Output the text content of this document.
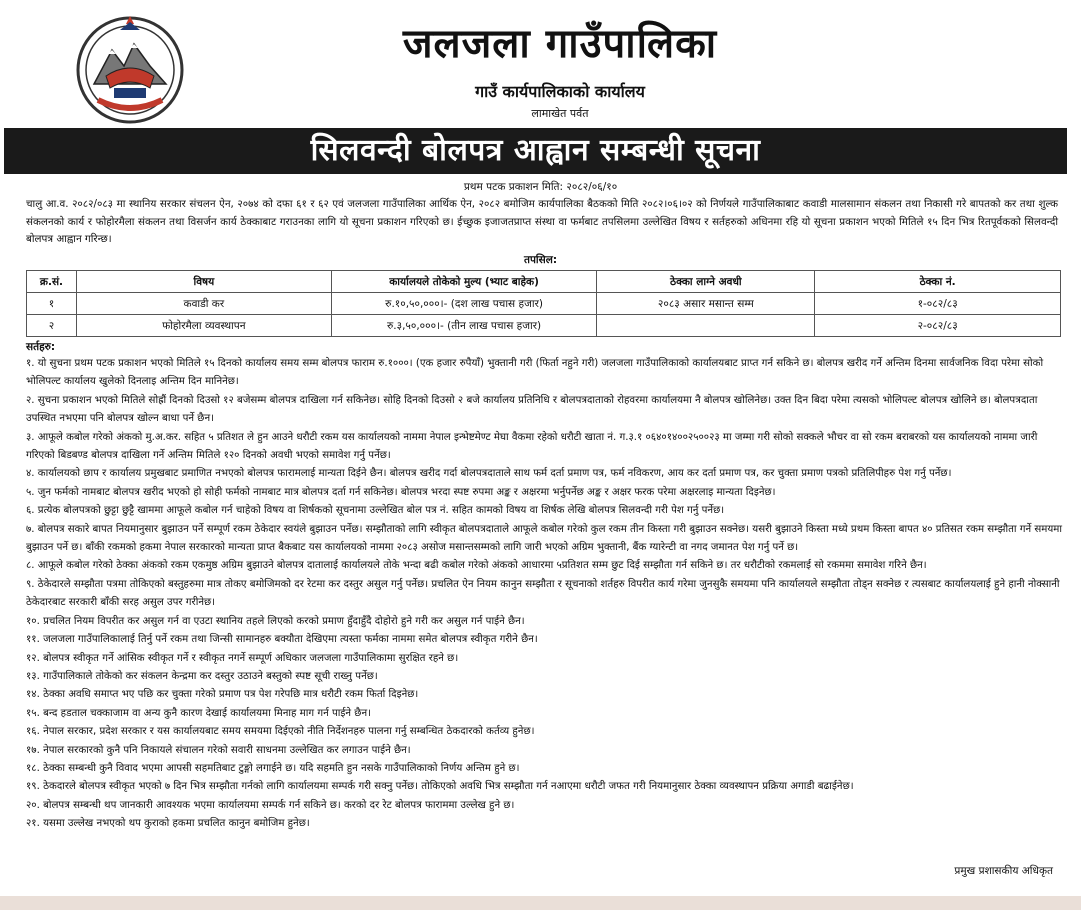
जलजला गाउँपालिका
गाउँ कार्यपालिकाको कार्यालय
लामाखेत पर्वत
सिलवन्दी बोलपत्र आह्वान सम्बन्धी सूचना
प्रथम पटक प्रकाशन मिति: २०८२/०६/१०
चालु आ.व. २०८२/०८३ मा स्थानिय सरकार संचलन ऐन, २०७४ को दफा ६१ र ६२ एवं जलजला गाउँपालिका आर्थिक ऐन, २०८२ बमोजिम कार्यपालिका बैठकको मिति २०८२।०६।०२ को निर्णयले गाउँपालिकाबाट कवाडी मालसामान संकलन तथा निकासी गरे बापतको कर तथा शुल्क संकलनको कार्य र फोहोरमैला संकलन तथा विसर्जन कार्य ठेक्काबाट गराउनका लागि यो सूचना प्रकाशन गरिएको छ। ईच्छुक इजाजतप्राप्त संस्था वा फर्मबाट तपसिलमा उल्लेखित विषय र सर्तहरुको अधिनमा रहि यो सूचना प्रकाशन भएको मितिले १५ दिन भित्र रितपूर्वकको सिलवन्दी बोलपत्र आह्वान गरिन्छ।
तपसिल:
क्र.सं.	विषय	कार्यालयले तोकेको मुल्य (भ्याट बाहेक)	ठेक्का लाग्ने अवधी	ठेक्का नं.
१	कवाडी कर	रु.१०,५०,०००।- (दश लाख पचास हजार)	२०८३ असार मसान्त सम्म	१-०८२/८३
२	फोहोरमैला व्यवस्थापन	रु.३,५०,०००।- (तीन लाख पचास हजार)		२-०८२/८३
सर्तहरु:
१. यो सुचना प्रथम पटक प्रकाशन भएको मितिले १५ दिनको कार्यालय समय सम्म बोलपत्र फाराम रु.१०००। (एक हजार रुपैयाँ) भुक्तानी गरी (फिर्ता नहुने गरी) जलजला गाउँपालिकाको कार्यालयबाट प्राप्त गर्न सकिने छ। बोलपत्र खरीद गर्ने अन्तिम दिनमा सार्वजनिक विदा परेमा सोको भोलिपल्ट कार्यालय खुलेको दिनलाइ अन्तिम दिन मानिनेछ।
२. सुचना प्रकाशन भएको मितिले सोह्रौं दिनको दिउसो १२ बजेसम्म बोलपत्र दाखिला गर्न सकिनेछ। सोहि दिनको दिउसो २ बजे कार्यालय प्रतिनिधि र बोलपत्रदाताको रोहवरमा कार्यालयमा नै बोलपत्र खोलिनेछ। उक्त दिन बिदा परेमा त्यसको भोलिपल्ट बोलपत्र खोलिने छ। बोलपत्रदाता उपस्थित नभएमा पनि बोलपत्र खोल्न बाधा पर्ने छैन।
३. आफूले कबोल गरेको अंकको मु.अ.कर. सहित ५ प्रतिशत ले हुन आउने धरौटी रकम यस कार्यालयको नाममा नेपाल इन्भेष्टमेण्ट मेघा वैकमा रहेको धरौटी खाता नं. ग.३.१ ०६४०१४००२५००२३ मा जम्मा गरी सोको सक्कले भौचर वा सो रकम बराबरको यस कार्यालयको नाममा जारी गरिएको बिडबण्ड बोलपत्र दाखिला गर्ने अन्तिम मितिले १२० दिनको अवधी भएको समावेश गर्नु पर्नेछ।
४. कार्यालयको छाप र कार्यालय प्रमुखबाट प्रमाणित नभएको बोलपत्र फारामलाई मान्यता दिईने छैन। बोलपत्र खरीद गर्दा बोलपत्रदाताले साथ फर्म दर्ता प्रमाण पत्र, फर्म नविकरण, आय कर दर्ता प्रमाण पत्र, कर चुक्ता प्रमाण पत्रको प्रतिलिपीहरु पेश गर्नु पर्नेछ।
५. जुन फर्मको नामबाट बोलपत्र खरीद भएको हो सोही फर्मको नामबाट मात्र बोलपत्र दर्ता गर्न सकिनेछ। बोलपत्र भरदा स्पष्ट रुपमा अङ्क र अक्षरमा भर्नुपर्नेछ अङ्क र अक्षर फरक परेमा अक्षरलाइ मान्यता दिइनेछ।
६. प्रत्येक बोलपत्रको छुट्टा छुट्टै खाममा आफूले कबोल गर्न चाहेको विषय वा शिर्षकको सूचनामा उल्लेखित बोल पत्र नं. सहित कामको विषय वा शिर्षक लेखि बोलपत्र सिलवन्दी गरी पेश गर्नु पर्नेछ।
७. बोलपत्र सकारे बापत नियमानुसार बुझाउन पर्ने सम्पूर्ण रकम ठेकेदार स्वयंले बुझाउन पर्नेछ। सम्झौताको लागि स्वीकृत बोलपत्रदाताले आफूले कबोल गरेको कुल रकम तीन किस्ता गरी बुझाउन सक्नेछ। यसरी बुझाउने किस्ता मध्ये प्रथम किस्ता बापत ४० प्रतिसत रकम सम्झौता गर्ने समयमा बुझाउन पर्ने छ। बाँकी रकमको हकमा नेपाल सरकारको मान्यता प्राप्त बैकबाट यस कार्यालयको नाममा २०८३ असोज मसान्तसम्मको लागि जारी भएको अग्रिम भुक्तानी, बैंक ग्यारेन्टी वा नगद जमानत पेश गर्नु पर्ने छ।
८. आफूले कबोल गरेको ठेक्का अंकको रकम एकमुष्ठ अग्रिम बुझाउने बोलपत्र दातालाई कार्यालयले तोके भन्दा बढी कबोल गरेको अंकको आधारमा ५प्रतिशत सम्म छुट दिई सम्झौता गर्न सकिने छ। तर धरौटीको रकमलाई सो रकममा समावेश गरिने छैन।
९. ठेकेदारले सम्झौता पत्रमा तोकिएको बस्तुहरुमा मात्र तोकए बमोजिमको दर रेटमा कर दस्तुर असुल गर्नु पर्नेछ। प्रचलित ऐन नियम कानुन सम्झौता र सूचनाको शर्तहरु विपरीत कार्य गरेमा जुनसुकै समयमा पनि कार्यालयले सम्झौता तोड्न सक्नेछ र त्यसबाट कार्यालयलाई हुने हानी नोक्सानी ठेकेदारबाट सरकारी बाँकी सरह असुल उपर गरीनेछ।
१०. प्रचलित नियम विपरीत कर असुल गर्न वा एउटा स्थानिय तहले लिएको करको प्रमाण हुँदाहुँदै दोहोरो हुने गरी कर असुल गर्न पाईने छैन।
११. जलजला गाउँपालिकालाई तिर्नु पर्ने रकम तथा जिन्सी सामानहरु बक्यौता देखिएमा त्यस्ता फर्मका नाममा समेत बोलपत्र स्वीकृत गरीने छैन।
१२. बोलपत्र स्वीकृत गर्ने आंसिक स्वीकृत गर्ने र स्वीकृत नगर्ने सम्पूर्ण अधिकार जलजला गाउँपालिकामा सुरक्षित रहने छ।
१३. गाउँपालिकाले तोकेको कर संकलन केन्द्रमा कर दस्तुर उठाउने बस्तुको स्पष्ट सूची राख्नु पर्नेछ।
१४. ठेक्का अवधि समाप्त भए पछि कर चुक्ता गरेको प्रमाण पत्र पेश गरेपछि मात्र धरौटी रकम फिर्ता दिइनेछ।
१५. बन्द हडताल चक्काजाम वा अन्य कुनै कारण देखाई कार्यालयमा मिनाह माग गर्न पाईने छैन।
१६. नेपाल सरकार, प्रदेश सरकार र यस कार्यालयबाट समय समयमा दिईएको नीति निर्देशनहरु पालना गर्नु सम्बन्धित ठेकदारको कर्तव्य हुनेछ।
१७. नेपाल सरकारको कुनै पनि निकायले संचालन गरेको सवारी साधनमा उल्लेखित कर लगाउन पाईने छैन।
१८. ठेक्का सम्बन्धी कुनै विवाद भएमा आपसी सहमतिबाट टुङ्गो लगाईने छ। यदि सहमति हुन नसके गाउँपालिकाको निर्णय अन्तिम हुने छ।
१९. ठेकदारले बोलपत्र स्वीकृत भएको ७ दिन भित्र सम्झौता गर्नको लागि कार्यालयमा सम्पर्क गरी सक्नु पर्नेछ। तोकिएको अवधि भित्र सम्झौता गर्न नआएमा धरौटी जफत गरी नियमानुसार ठेक्का व्यवस्थापन प्रक्रिया अगाडी बढाईनेछ।
२०. बोलपत्र सम्बन्धी थप जानकारी आवश्यक भएमा कार्यालयमा सम्पर्क गर्न सकिने छ। करको दर रेट बोलपत्र फाराममा उल्लेख हुने छ।
२१. यसमा उल्लेख नभएको थप कुराको हकमा प्रचलित कानुन बमोजिम हुनेछ।
प्रमुख प्रशासकीय अधिकृत
